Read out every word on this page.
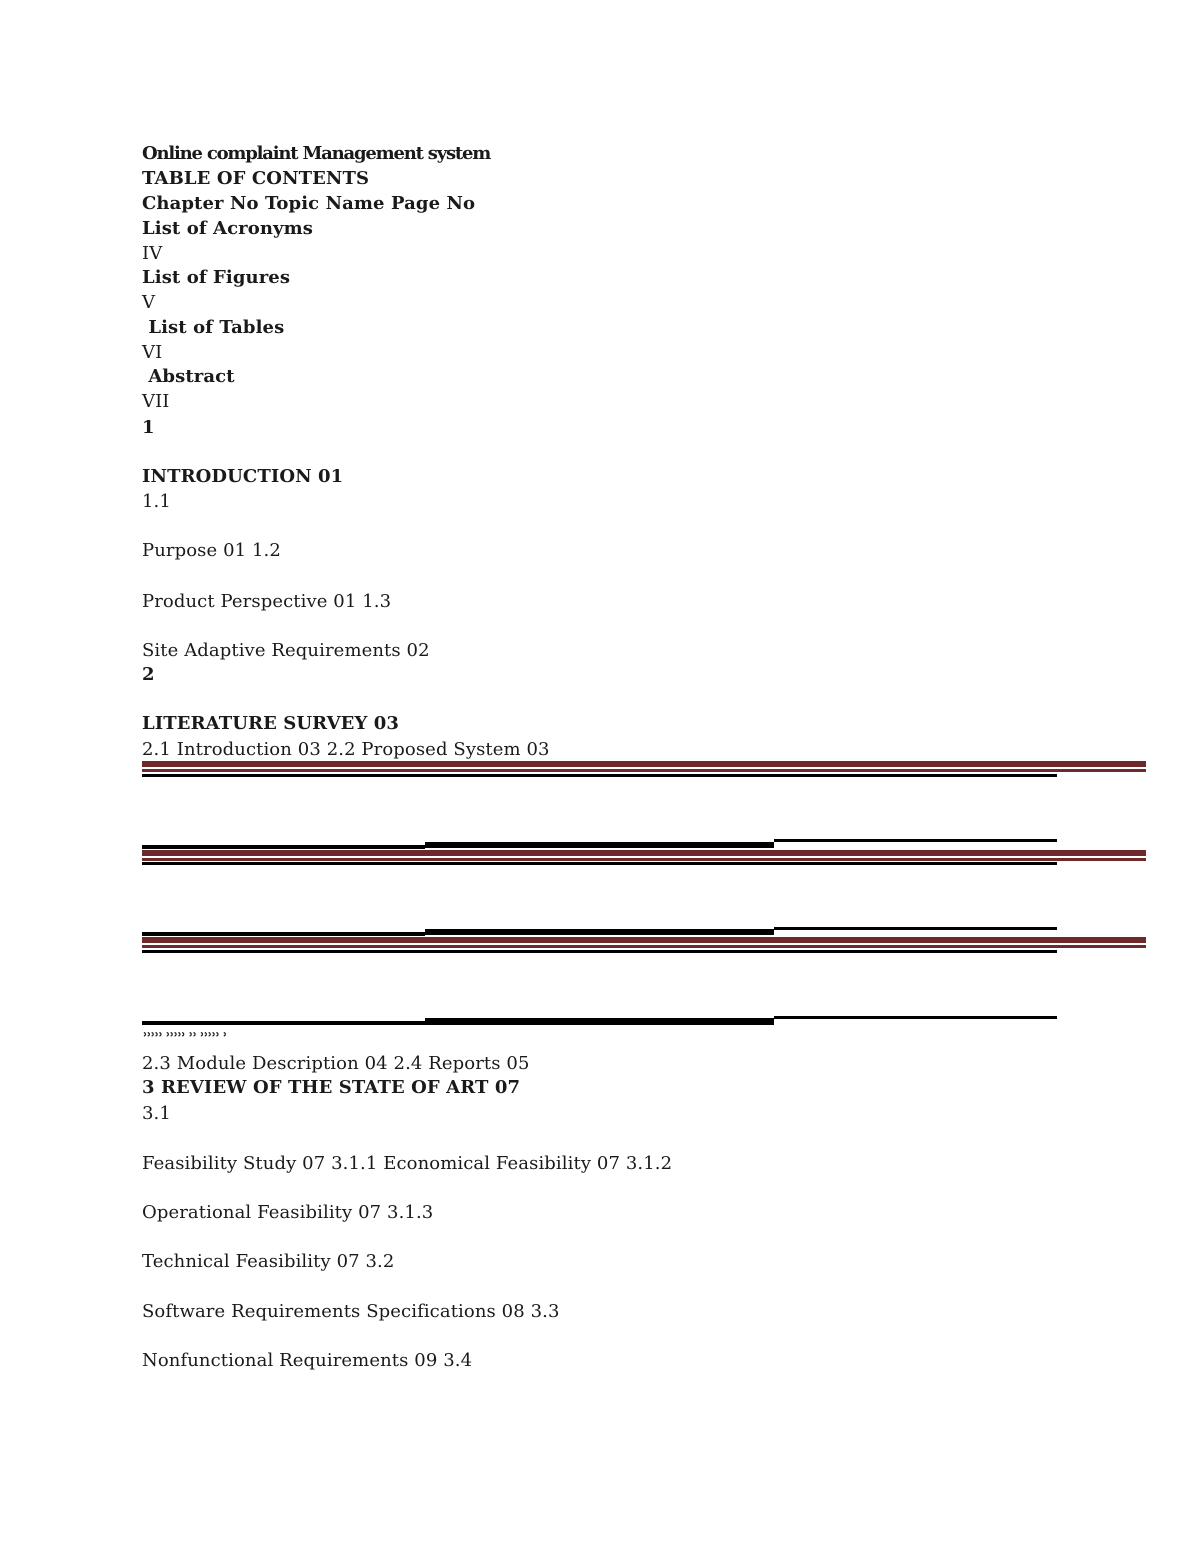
Online complaint Management system
TABLE OF CONTENTS
Chapter No Topic Name Page No
List of Acronyms
IV
List of Figures
V
List of Tables
VI
Abstract
VII
1
INTRODUCTION 01
1.1
Purpose 01 1.2
Product Perspective 01 1.3
Site Adaptive Requirements 02
2
LITERATURE SURVEY 03
2.1 Introduction 03 2.2 Proposed System 03
ʾʾʾʾʾ ʾʾʾʾʾ ʾʾ ʾʾʾʾʾ ʾ
2.3 Module Description 04 2.4 Reports 05
3 REVIEW OF THE STATE OF ART 07
3.1
Feasibility Study 07 3.1.1 Economical Feasibility 07 3.1.2
Operational Feasibility 07 3.1.3
Technical Feasibility 07 3.2
Software Requirements Specifications 08 3.3
Nonfunctional Requirements 09 3.4
